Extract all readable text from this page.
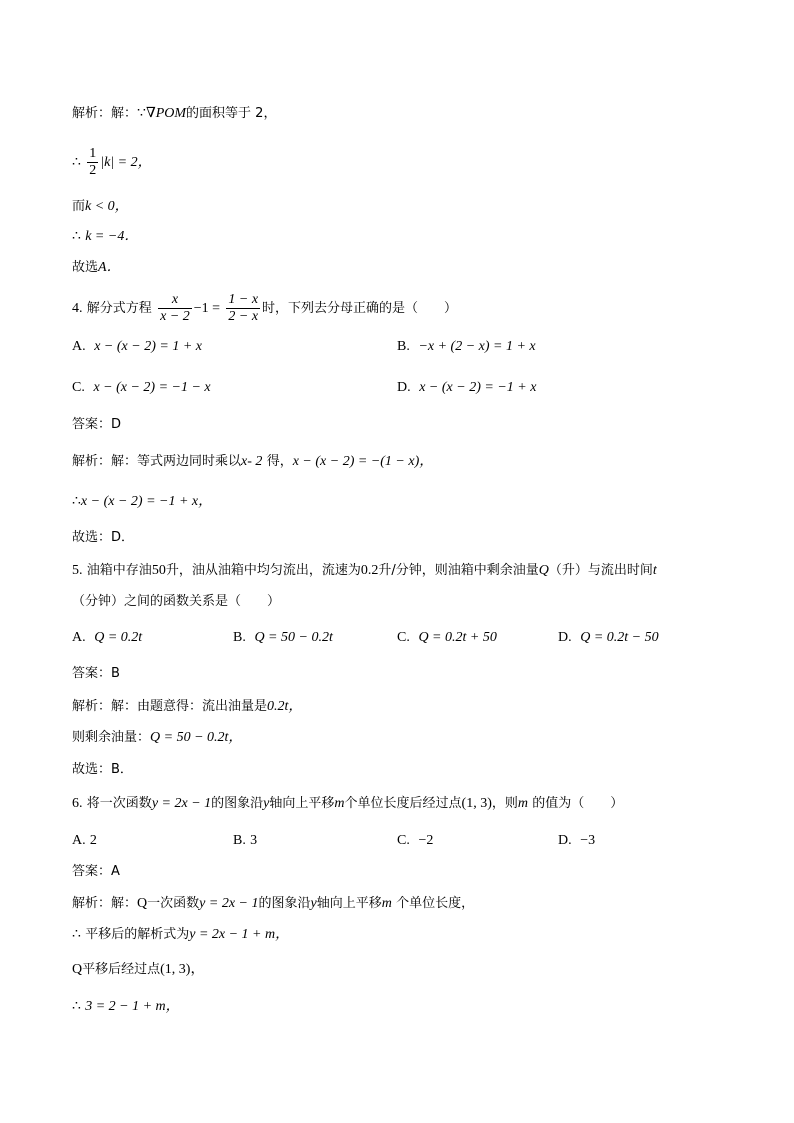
解析：解：∵∇POM的面积等于 2，
∴ $\frac{1}{2} |k| = 2$，
而k < 0，
∴ k = −4．
故选A．
4. 解分式方程 $\frac{x}{x - 2} -1 = \frac{1 - x}{2 - x}$ 时，下列去分母正确的是（　　）
A. x − (x − 2) = 1 + x	B. −x + (2 − x) = 1 + x
C. x − (x − 2) = −1 − x	D. x − (x − 2) = −1 + x
答案：D
解析：解：等式两边同时乘以x- 2 得，x − (x − 2) = −(1 − x)，
∴x − (x − 2) = −1 + x，
故选：D．
5. 油箱中存油50升，油从油箱中均匀流出，流速为0.2升/分钟，则油箱中剩余油量Q（升）与流出时间t
（分钟）之间的函数关系是（　　）
A. Q = 0.2t	B. Q = 50 − 0.2t	C. Q = 0.2t + 50	D. Q = 0.2t − 50
答案：B
解析：解：由题意得：流出油量是0.2t，
则剩余油量：Q = 50 − 0.2t，
故选：B．
6. 将一次函数y = 2x − 1的图象沿y轴向上平移m个单位长度后经过点(1, 3)，则m 的值为（　　）
A. 2	B. 3	C. −2	D. −3
答案：A
解析：解：Q一次函数y = 2x − 1的图象沿y轴向上平移m 个单位长度，
∴ 平移后的解析式为y = 2x − 1 + m，
Q平移后经过点(1, 3)，
∴ 3 = 2 − 1 + m，
